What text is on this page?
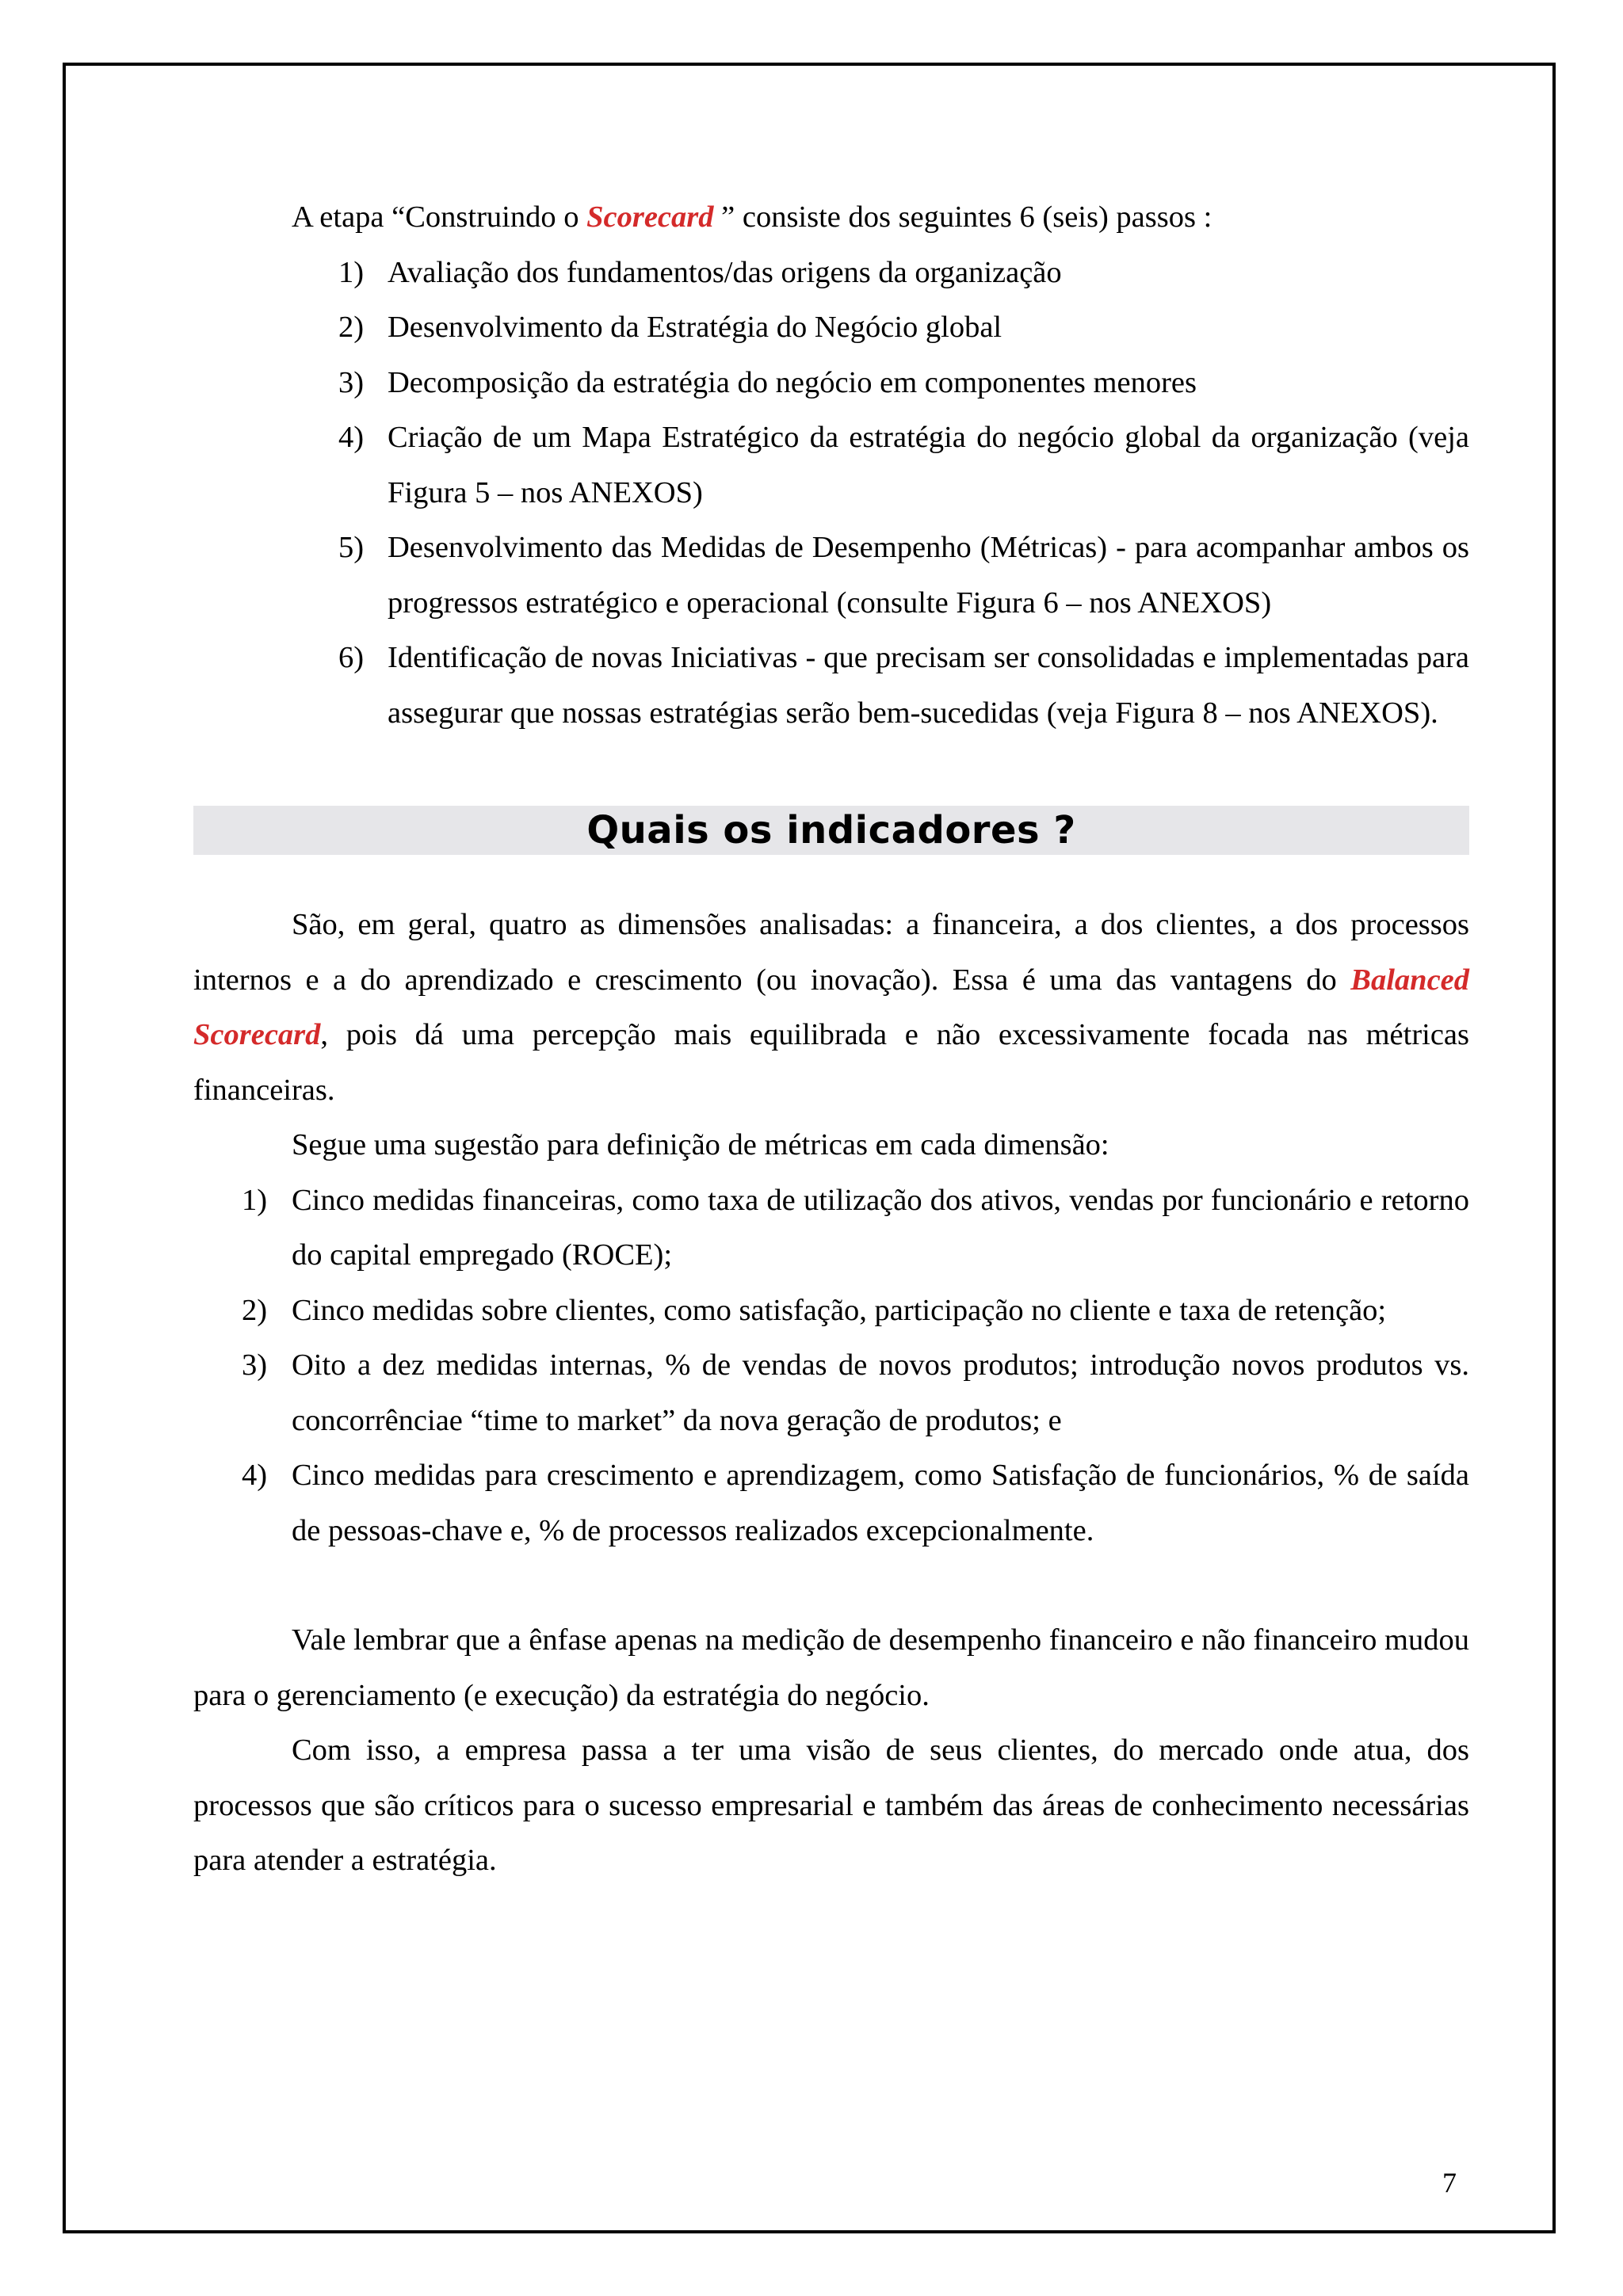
A etapa “Construindo o Scorecard ” consiste dos seguintes 6 (seis) passos :

1) Avaliação dos fundamentos/das origens da organização
2) Desenvolvimento da Estratégia do Negócio global
3) Decomposição da estratégia do negócio em componentes menores
4) Criação de um Mapa Estratégico da estratégia do negócio global da organização (veja Figura 5 – nos ANEXOS)
5) Desenvolvimento das Medidas de Desempenho (Métricas) - para acompanhar ambos os progressos estratégico e operacional (consulte Figura 6 – nos ANEXOS)
6) Identificação de novas Iniciativas - que precisam ser consolidadas e implementadas para assegurar que nossas estratégias serão bem-sucedidas (veja Figura 8 – nos ANEXOS).
Quais os indicadores ?

São, em geral, quatro as dimensões analisadas: a financeira, a dos clientes, a dos processos internos e a do aprendizado e crescimento (ou inovação). Essa é uma das vantagens do Balanced Scorecard, pois dá uma percepção mais equilibrada e não excessivamente focada nas métricas financeiras.

Segue uma sugestão para definição de métricas em cada dimensão:

1) Cinco medidas financeiras, como taxa de utilização dos ativos, vendas por funcionário e retorno do capital empregado (ROCE);
2) Cinco medidas sobre clientes, como satisfação, participação no cliente e taxa de retenção;
3) Oito a dez medidas internas, % de vendas de novos produtos; introdução novos produtos vs. concorrênciae “time to market” da nova geração de produtos; e
4) Cinco medidas para crescimento e aprendizagem, como Satisfação de funcionários, % de saída de pessoas-chave e, % de processos realizados excepcionalmente.

Vale lembrar que a ênfase apenas na medição de desempenho financeiro e não financeiro mudou para o gerenciamento (e execução) da estratégia do negócio.

Com isso, a empresa passa a ter uma visão de seus clientes, do mercado onde atua, dos processos que são críticos para o sucesso empresarial e também das áreas de conhecimento necessárias para atender a estratégia.

7
